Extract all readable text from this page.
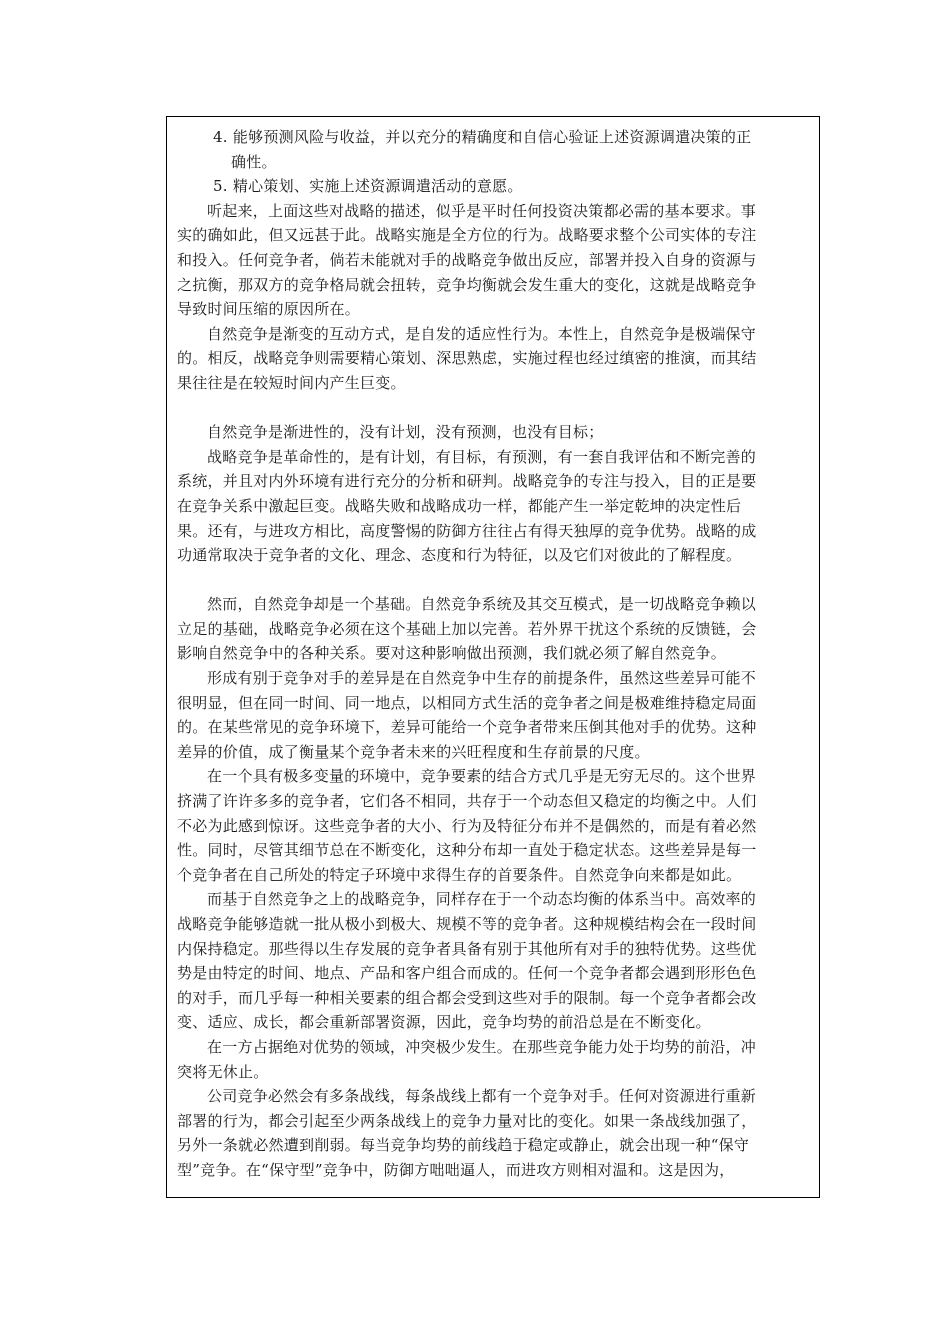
4. 能够预测风险与收益，并以充分的精确度和自信心验证上述资源调遣决策的正
确性。
5. 精心策划、实施上述资源调遣活动的意愿。
听起来，上面这些对战略的描述，似乎是平时任何投资决策都必需的基本要求。事
实的确如此，但又远甚于此。战略实施是全方位的行为。战略要求整个公司实体的专注
和投入。任何竞争者，倘若未能就对手的战略竞争做出反应，部署并投入自身的资源与
之抗衡，那双方的竞争格局就会扭转，竞争均衡就会发生重大的变化，这就是战略竞争
导致时间压缩的原因所在。
自然竞争是渐变的互动方式，是自发的适应性行为。本性上，自然竞争是极端保守
的。相反，战略竞争则需要精心策划、深思熟虑，实施过程也经过缜密的推演，而其结
果往往是在较短时间内产生巨变。
自然竞争是渐进性的，没有计划，没有预测，也没有目标；
战略竞争是革命性的，是有计划，有目标，有预测，有一套自我评估和不断完善的
系统，并且对内外环境有进行充分的分析和研判。战略竞争的专注与投入，目的正是要
在竞争关系中激起巨变。战略失败和战略成功一样，都能产生一举定乾坤的决定性后
果。还有，与进攻方相比，高度警惕的防御方往往占有得天独厚的竞争优势。战略的成
功通常取决于竞争者的文化、理念、态度和行为特征，以及它们对彼此的了解程度。
然而，自然竞争却是一个基础。自然竞争系统及其交互模式，是一切战略竞争赖以
立足的基础，战略竞争必须在这个基础上加以完善。若外界干扰这个系统的反馈链，会
影响自然竞争中的各种关系。要对这种影响做出预测，我们就必须了解自然竞争。
形成有别于竞争对手的差异是在自然竞争中生存的前提条件，虽然这些差异可能不
很明显，但在同一时间、同一地点，以相同方式生活的竞争者之间是极难维持稳定局面
的。在某些常见的竞争环境下，差异可能给一个竞争者带来压倒其他对手的优势。这种
差异的价值，成了衡量某个竞争者未来的兴旺程度和生存前景的尺度。
在一个具有极多变量的环境中，竞争要素的结合方式几乎是无穷无尽的。这个世界
挤满了许许多多的竞争者，它们各不相同，共存于一个动态但又稳定的均衡之中。人们
不必为此感到惊讶。这些竞争者的大小、行为及特征分布并不是偶然的，而是有着必然
性。同时，尽管其细节总在不断变化，这种分布却一直处于稳定状态。这些差异是每一
个竞争者在自己所处的特定子环境中求得生存的首要条件。自然竞争向来都是如此。
而基于自然竞争之上的战略竞争，同样存在于一个动态均衡的体系当中。高效率的
战略竞争能够造就一批从极小到极大、规模不等的竞争者。这种规模结构会在一段时间
内保持稳定。那些得以生存发展的竞争者具备有别于其他所有对手的独特优势。这些优
势是由特定的时间、地点、产品和客户组合而成的。任何一个竞争者都会遇到形形色色
的对手，而几乎每一种相关要素的组合都会受到这些对手的限制。每一个竞争者都会改
变、适应、成长，都会重新部署资源，因此，竞争均势的前沿总是在不断变化。
在一方占据绝对优势的领域，冲突极少发生。在那些竞争能力处于均势的前沿，冲
突将无休止。
公司竞争必然会有多条战线，每条战线上都有一个竞争对手。任何对资源进行重新
部署的行为，都会引起至少两条战线上的竞争力量对比的变化。如果一条战线加强了，
另外一条就必然遭到削弱。每当竞争均势的前线趋于稳定或静止，就会出现一种“保守
型”竞争。在“保守型”竞争中，防御方咄咄逼人，而进攻方则相对温和。这是因为，
